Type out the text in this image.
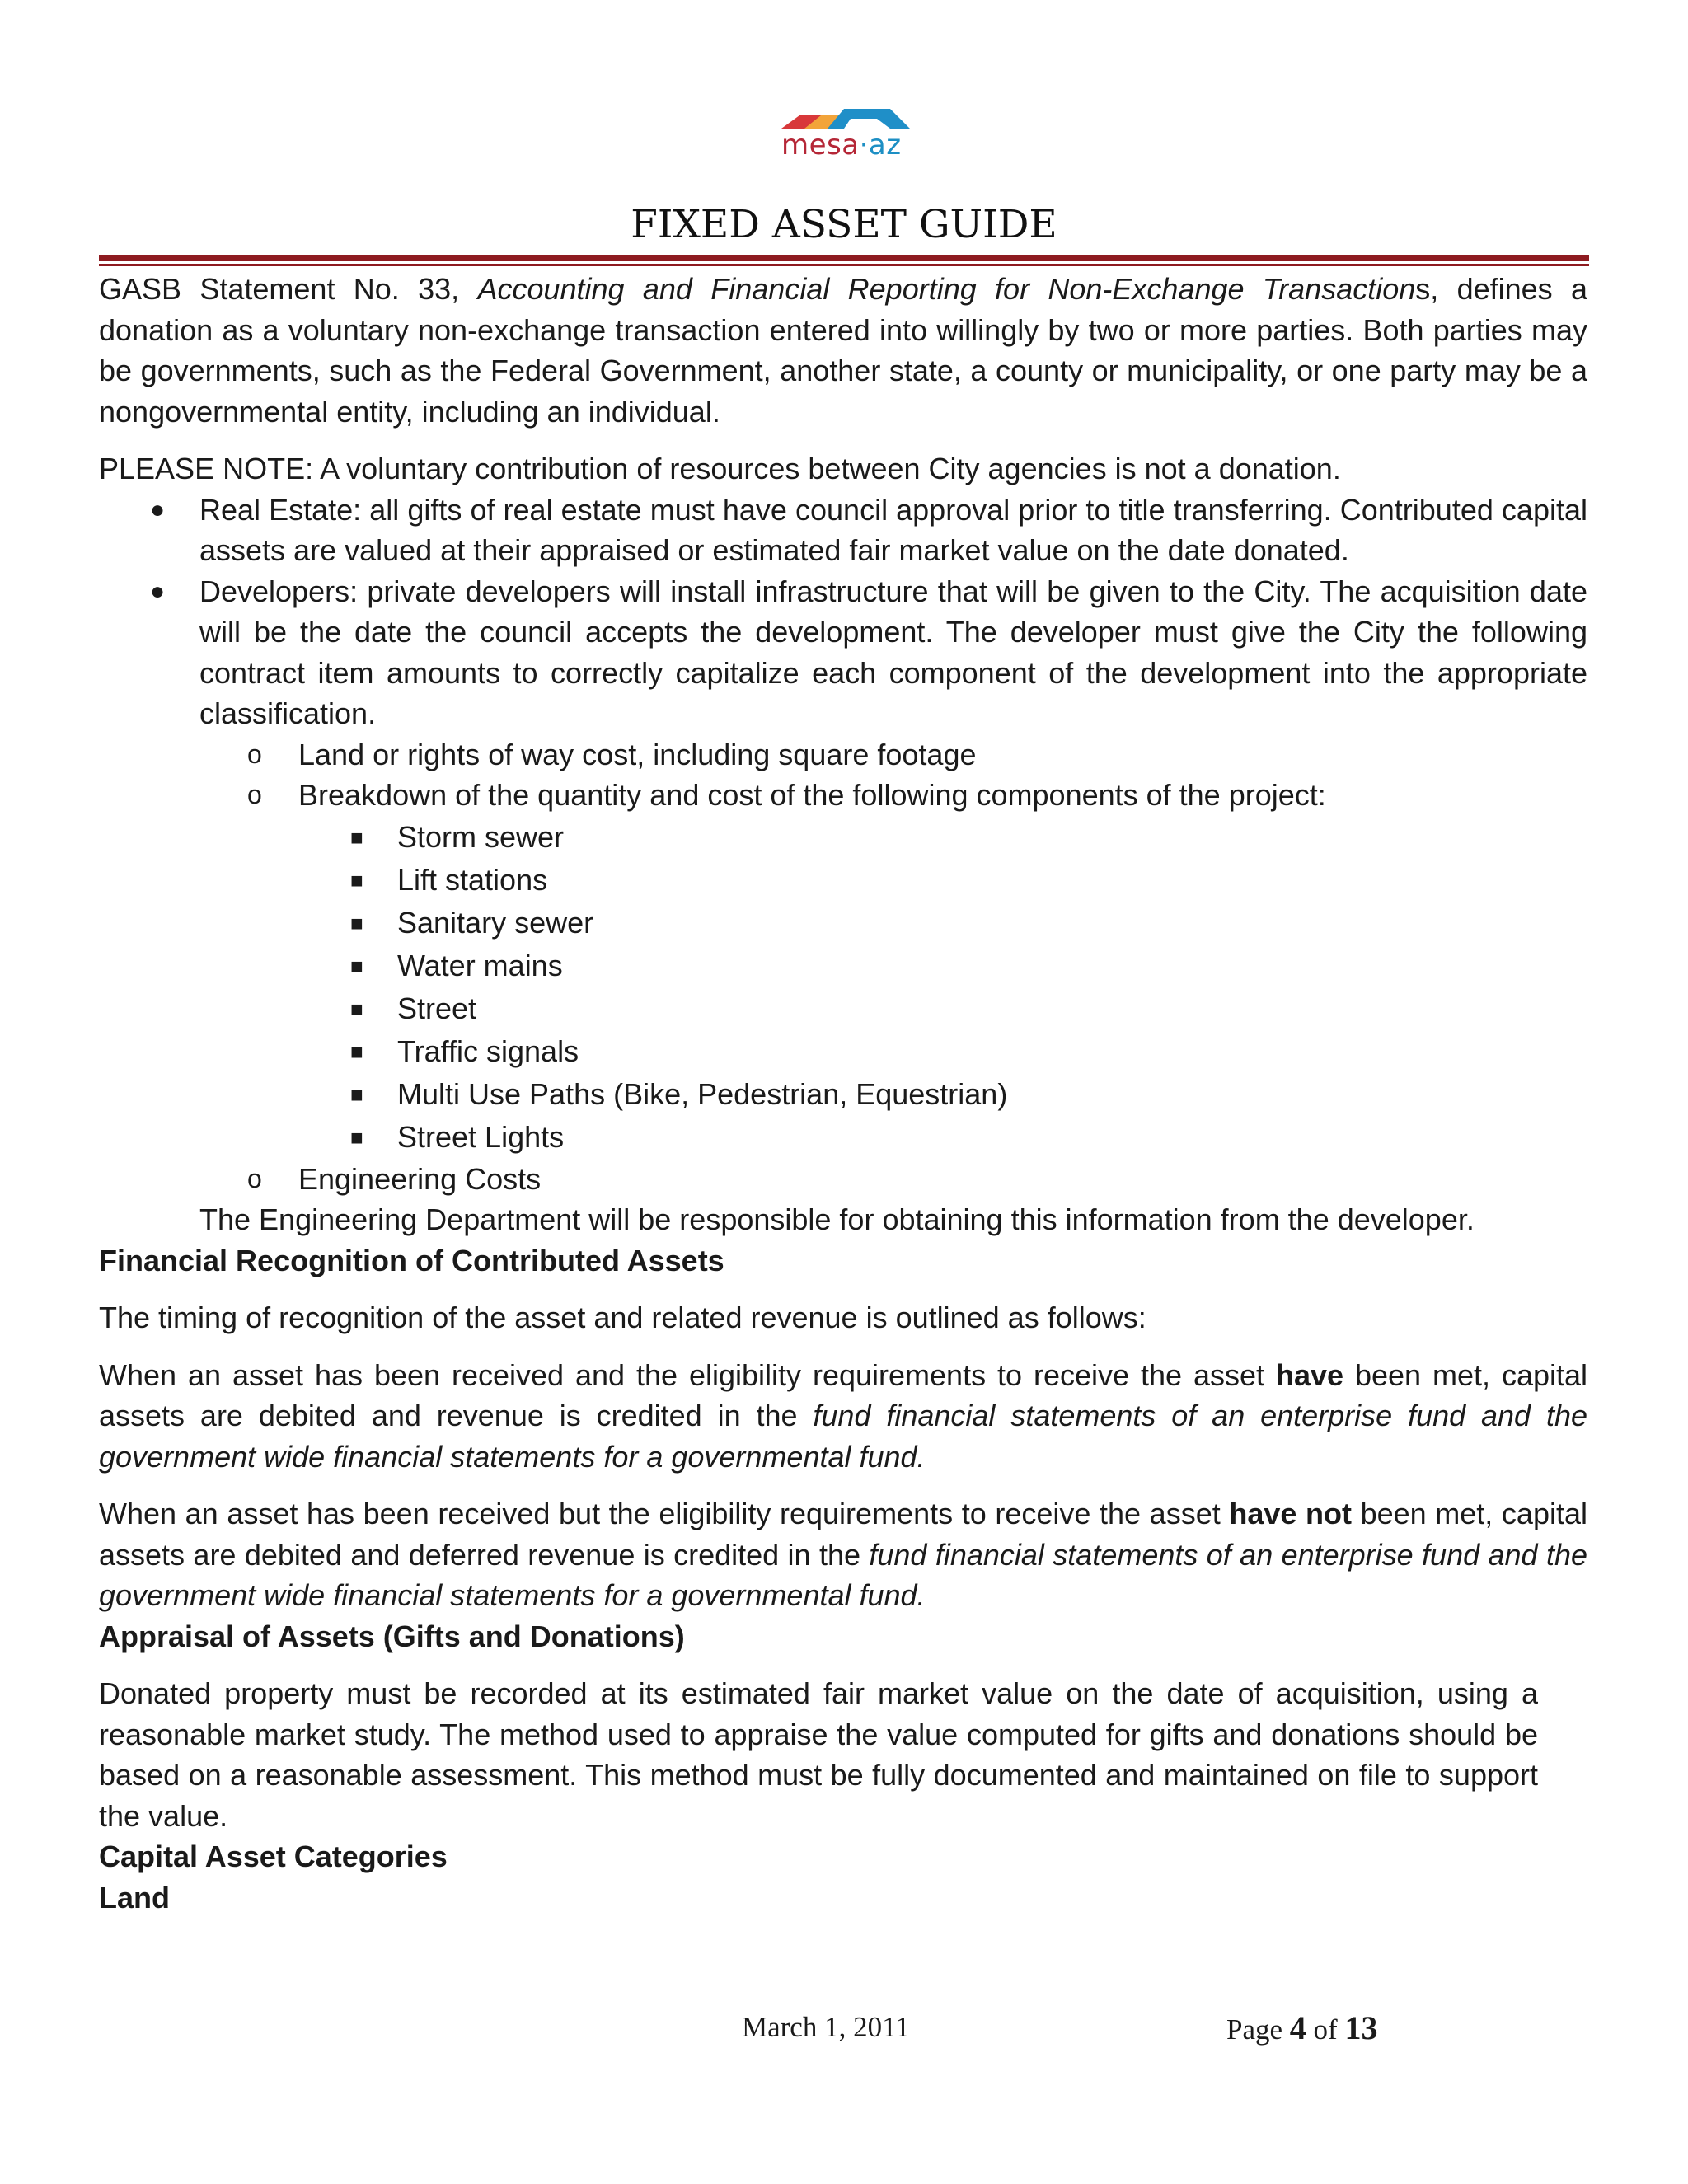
mesa·az
FIXED ASSET GUIDE

GASB Statement No. 33, Accounting and Financial Reporting for Non-Exchange Transactions, defines a donation as a voluntary non-exchange transaction entered into willingly by two or more parties. Both parties may be governments, such as the Federal Government, another state, a county or municipality, or one party may be a nongovernmental entity, including an individual.

PLEASE NOTE: A voluntary contribution of resources between City agencies is not a donation.

● Real Estate: all gifts of real estate must have council approval prior to title transferring. Contributed capital assets are valued at their appraised or estimated fair market value on the date donated.

● Developers: private developers will install infrastructure that will be given to the City. The acquisition date will be the date the council accepts the development. The developer must give the City the following contract item amounts to correctly capitalize each component of the development into the appropriate classification.

o Land or rights of way cost, including square footage

o Breakdown of the quantity and cost of the following components of the project:

■ Storm sewer

■ Lift stations

■ Sanitary sewer

■ Water mains

■ Street

■ Traffic signals

■ Multi Use Paths (Bike, Pedestrian, Equestrian)

■ Street Lights

o Engineering Costs

The Engineering Department will be responsible for obtaining this information from the developer.

Financial Recognition of Contributed Assets

The timing of recognition of the asset and related revenue is outlined as follows:

When an asset has been received and the eligibility requirements to receive the asset have been met, capital assets are debited and revenue is credited in the fund financial statements of an enterprise fund and the government wide financial statements for a governmental fund.

When an asset has been received but the eligibility requirements to receive the asset have not been met, capital assets are debited and deferred revenue is credited in the fund financial statements of an enterprise fund and the government wide financial statements for a governmental fund.

Appraisal of Assets (Gifts and Donations)

Donated property must be recorded at its estimated fair market value on the date of acquisition, using a reasonable market study. The method used to appraise the value computed for gifts and donations should be based on a reasonable assessment. This method must be fully documented and maintained on file to support the value.

Capital Asset Categories

Land

March 1, 2011	Page 4 of 13
